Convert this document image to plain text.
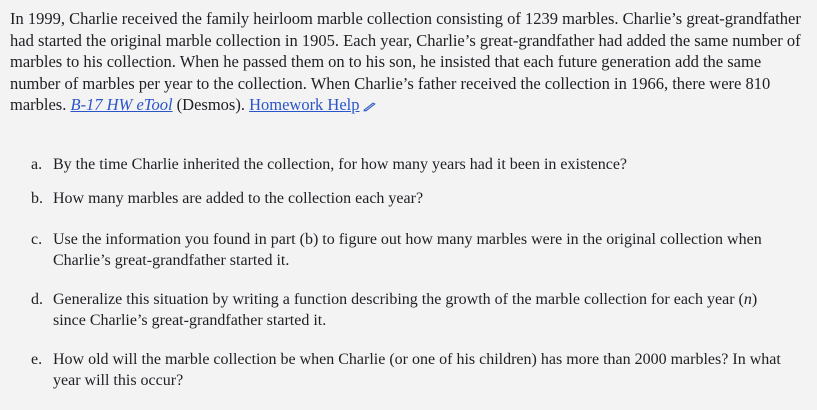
In 1999, Charlie received the family heirloom marble collection consisting of 1239 marbles. Charlie’s great-grandfather had started the original marble collection in 1905. Each year, Charlie’s great-grandfather had added the same number of marbles to his collection. When he passed them on to his son, he insisted that each future generation add the same number of marbles per year to the collection. When Charlie’s father received the collection in 1966, there were 810 marbles. B-17 HW eTool (Desmos). Homework Help

a. By the time Charlie inherited the collection, for how many years had it been in existence?
b. How many marbles are added to the collection each year?
c. Use the information you found in part (b) to figure out how many marbles were in the original collection when
Charlie’s great-grandfather started it.
d. Generalize this situation by writing a function describing the growth of the marble collection for each year (n)
since Charlie’s great-grandfather started it.
e. How old will the marble collection be when Charlie (or one of his children) has more than 2000 marbles? In what
year will this occur?
